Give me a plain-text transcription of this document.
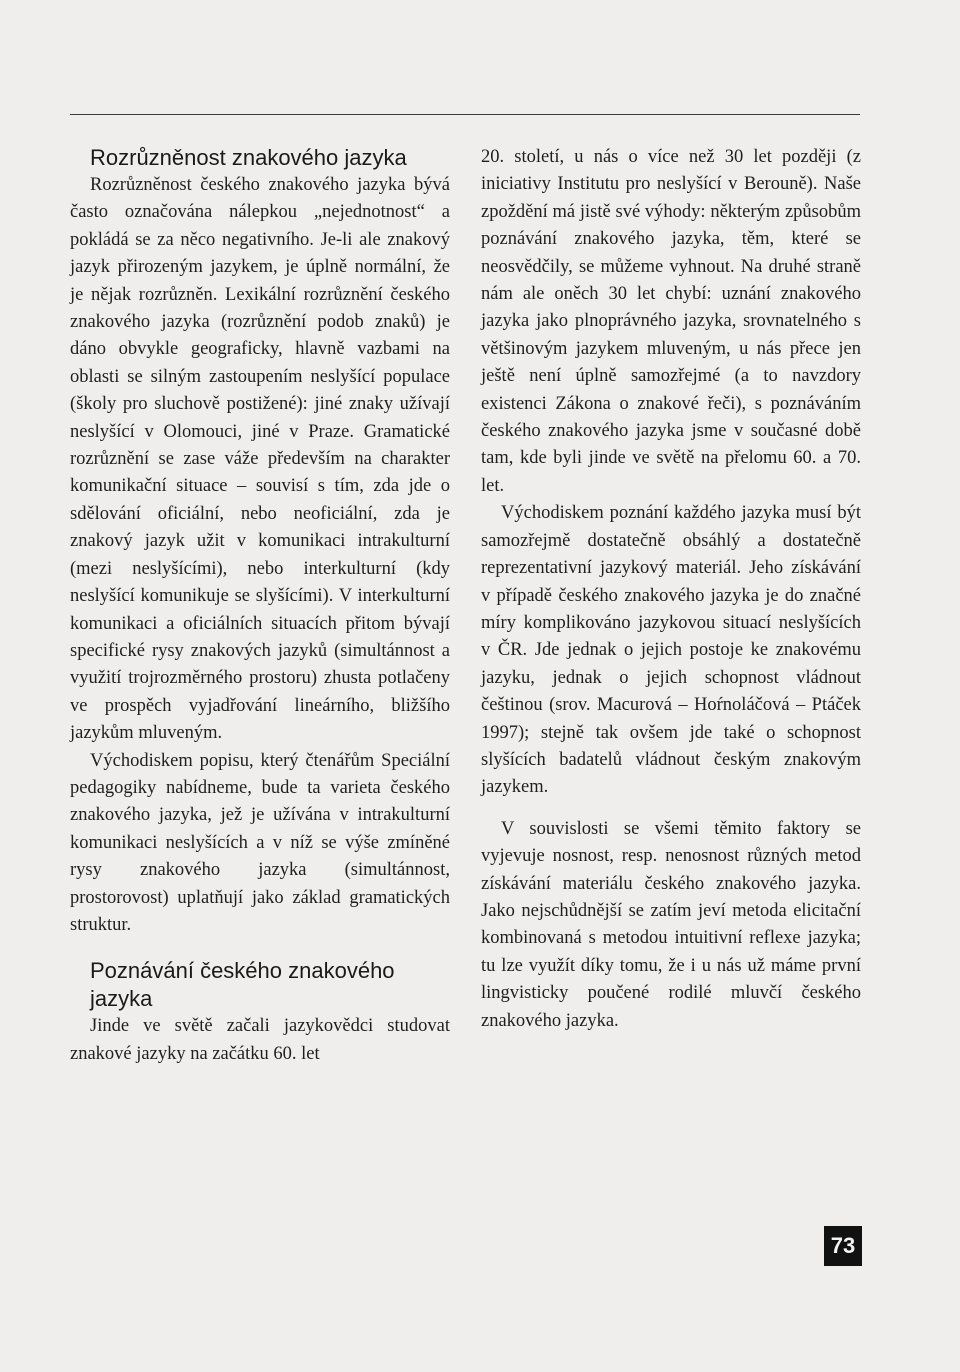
Rozrůzněnost znakového jazyka

Rozrůzněnost českého znakového jazyka bývá často označována nálepkou „nejednotnost“ a pokládá se za něco negativního. Je-li ale znakový jazyk přirozeným jazykem, je úplně normální, že je nějak rozrůzněn. Lexikální rozrůznění českého znakového jazyka (rozrůznění podob znaků) je dáno obvykle geograficky, hlavně vazbami na oblasti se silným zastoupením neslyšící populace (školy pro sluchově postižené): jiné znaky užívají neslyšící v Olomouci, jiné v Praze. Gramatické rozrůznění se zase váže především na charakter komunikační situace – souvisí s tím, zda jde o sdělování oficiální, nebo neoficiální, zda je znakový jazyk užit v komunikaci intrakulturní (mezi neslyšícími), nebo interkulturní (kdy neslyšící komunikuje se slyšícími). V interkulturní komunikaci a oficiálních situacích přitom bývají specifické rysy znakových jazyků (simultánnost a využití trojrozměrného prostoru) zhusta potlačeny ve prospěch vyjadřování lineárního, bližšího jazykům mluveným.

Východiskem popisu, který čtenářům Speciální pedagogiky nabídneme, bude ta varieta českého znakového jazyka, jež je užívána v intrakulturní komunikaci neslyšících a v níž se výše zmíněné rysy znakového jazyka (simultánnost, prostorovost) uplatňují jako základ gramatických struktur.

Poznávání českého znakového jazyka

Jinde ve světě začali jazykovědci studovat znakové jazyky na začátku 60. let

20. století, u nás o více než 30 let později (z iniciativy Institutu pro neslyšící v Berouně). Naše zpoždění má jistě své výhody: některým způsobům poznávání znakového jazyka, těm, které se neosvědčily, se můžeme vyhnout. Na druhé straně nám ale oněch 30 let chybí: uznání znakového jazyka jako plnoprávného jazyka, srovnatelného s většinovým jazykem mluveným, u nás přece jen ještě není úplně samozřejmé (a to navzdory existenci Zákona o znakové řeči), s poznáváním českého znakového jazyka jsme v současné době tam, kde byli jinde ve světě na přelomu 60. a 70. let.

Východiskem poznání každého jazyka musí být samozřejmě dostatečně obsáhlý a dostatečně reprezentativní jazykový materiál. Jeho získávání v případě českého znakového jazyka je do značné míry komplikováno jazykovou situací neslyšících v ČR. Jde jednak o jejich postoje ke znakovému jazyku, jednak o jejich schopnost vládnout češtinou (srov. Macurová – Hoŕnoláčová – Ptáček 1997); stejně tak ovšem jde také o schopnost slyšících badatelů vládnout českým znakovým jazykem.

V souvislosti se všemi těmito faktory se vyjevuje nosnost, resp. nenosnost různých metod získávání materiálu českého znakového jazyka. Jako nejschůdnější se zatím jeví metoda elicitační kombinovaná s metodou intuitivní reflexe jazyka; tu lze využít díky tomu, že i u nás už máme první lingvisticky poučené rodilé mluvčí českého znakového jazyka.

73
